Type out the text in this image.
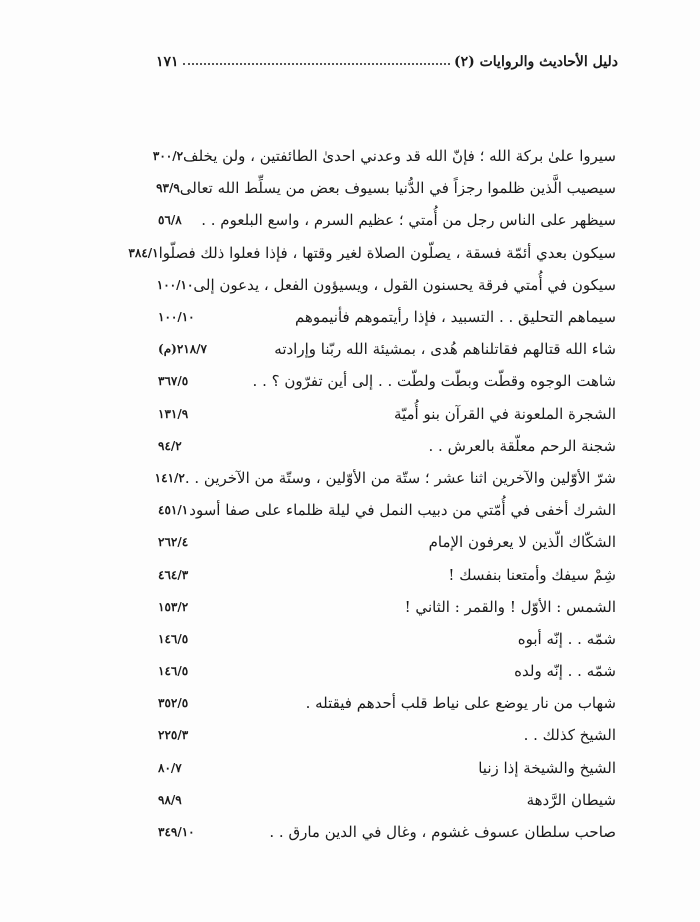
دليل الأحاديث والروايات (٢)
١٧١
سيروا علىٰ بركة الله ؛ فإنّ الله قد وعدني احدىٰ الطائفتين ، ولن يخلف
٣٠٠/٢
سيصيب الَّذين ظلموا رجزاً في الدُّنيا بسيوف بعض من يسلِّط الله تعالى
٩٣/٩
سيظهر على الناس رجل من أُمتي ؛ عظيم السرم ، واسع البلعوم . .
٥٦/٨
سيكون بعدي أئمّة فسقة ، يصلّون الصلاة لغير وقتها ، فإذا فعلوا ذلك فصلّوا
٣٨٤/١
سيكون في أُمتي فرقة يحسنون القول ، ويسيؤون الفعل ، يدعون إلى
١٠٠/١٠
سيماهم التحليق . . التسبيد ، فإذا رأيتموهم فأنيموهم
١٠٠/١٠
شاء الله قتالهم فقاتلناهم هُدى ، بمشيئة الله ربّنا وإرادته
(م)٢١٨/٧
شاهت الوجوه وقطّت وبطّت ولطّت . . إلى أين تفرّون ؟ . .
٣٦٧/٥
الشجرة الملعونة في القرآن بنو أُميّة
١٣١/٩
شجنة الرحم معلّقة بالعرش . .
٩٤/٢
شرّ الأوّلين والآخرين اثنا عشر ؛ ستّة من الأوّلين ، وستّة من الآخرين . .
١٤١/٢
الشرك أخفى في أُمّتي من دبيب النمل في ليلة ظلماء على صفا أسود
٤٥١/١
الشكّاك الّذين لا يعرفون الإمام
٢٦٢/٤
شِمْ سيفك وأمتعنا بنفسك !
٤٦٤/٣
الشمس : الأوّل ! والقمر : الثاني !
١٥٣/٢
شمّه . . إنّه أبوه
١٤٦/٥
شمّه . . إنّه ولده
١٤٦/٥
شهاب من نار يوضع على نياط قلب أحدهم فيقتله .
٣٥٢/٥
الشيخ كذلك . .
٢٢٥/٣
الشيخ والشيخة إذا زنيا
٨٠/٧
شيطان الرَّدهة
٩٨/٩
صاحب سلطان عسوف غشوم ، وغال في الدين مارق . .
٣٤٩/١٠
